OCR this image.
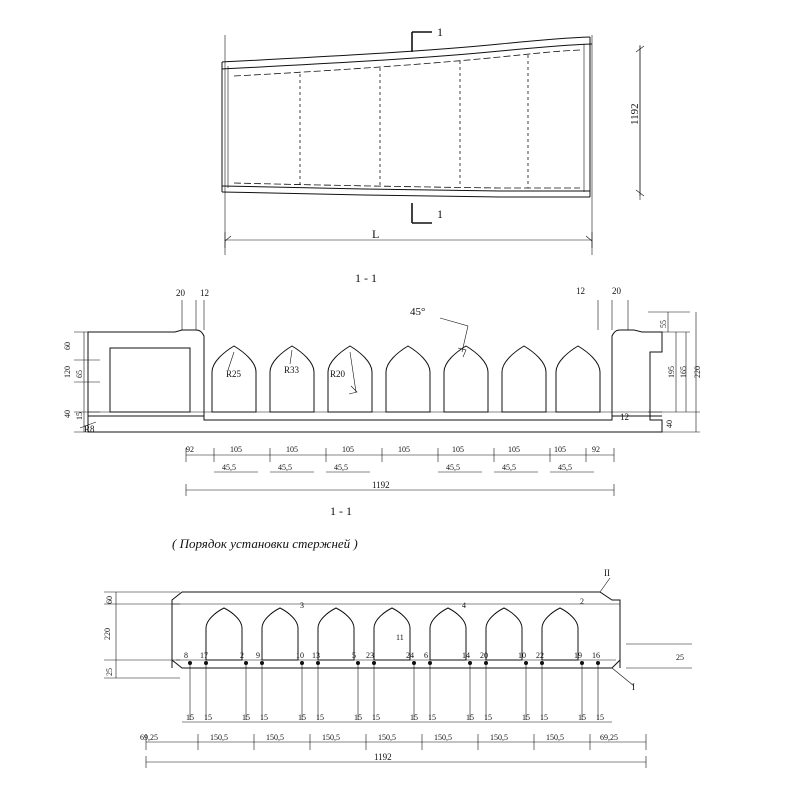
1
1
1192
L
1 - 1
45°
R25	R33	R20
20 12	12	20
60
120 65
40 15
R8
55
195 165 220
40
12
92	105	105	105	105	105	105	105	92
45,5	45,5	45,5	45,5	45,5	45,5
1192
1 - 1
( Порядок установки стержней )
8 17	2 9	10 13	5 23	24 6	14 20	10 22	19 16
3	4	2
11
II
I
60
220
25
25
15 15	15 15	15 15	15 15	15 15	15 15	15 15	15 15
69,25	150,5	150,5	150,5	150,5	150,5	150,5	150,5	69,25
1192
